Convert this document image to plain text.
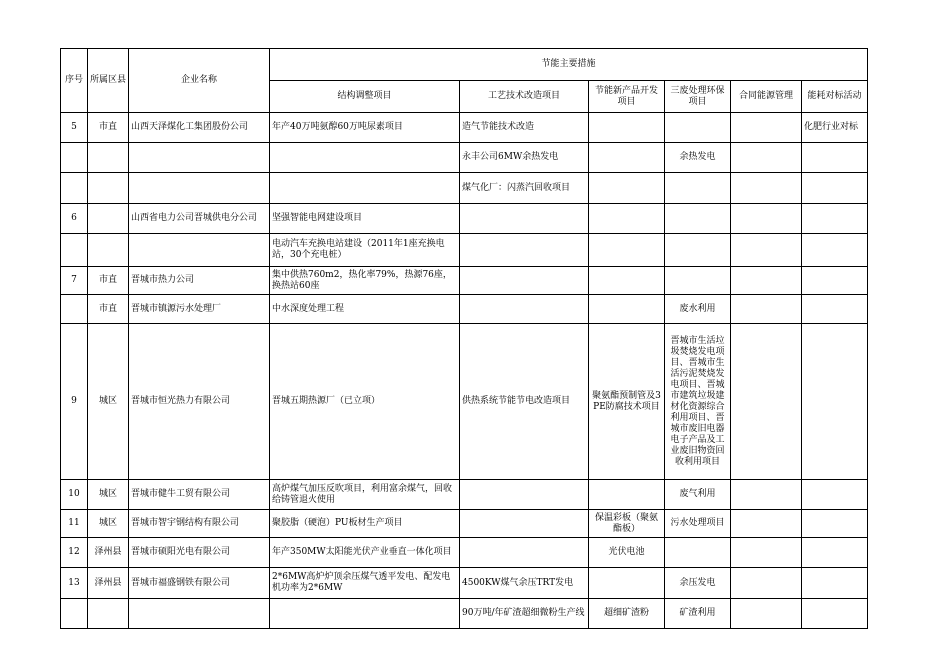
序号	所属区县	企业名称	节能主要措施					
			结构调整项目	工艺技术改造项目	节能新产品开发项目	三废处理环保项目	合同能源管理	能耗对标活动
5	市直	山西天泽煤化工集团股份公司	年产40万吨氨醇60万吨尿素项目	造气节能技术改造				化肥行业对标
				永丰公司6MW余热发电		余热发电		
				煤气化厂：闪蒸汽回收项目				
6		山西省电力公司晋城供电分公司	坚强智能电网建设项目					
			电动汽车充换电站建设（2011年1座充换电站，30个充电桩）					
7	市直	晋城市热力公司	集中供热760m2，热化率79%，热源76座，换热站60座					
	市直	晋城市镇源污水处理厂	中水深度处理工程			废水利用		
9	城区	晋城市恒光热力有限公司	晋城五期热源厂（已立项）	供热系统节能节电改造项目	聚氨酯预制管及3PE防腐技术项目	晋城市生活垃圾焚烧发电项目、晋城市生活污泥焚烧发电项目、晋城市建筑垃圾建材化资源综合利用项目、晋城市废旧电器电子产品及工业废旧物资回收利用项目		
10	城区	晋城市健牛工贸有限公司	高炉煤气加压反吹项目，利用富余煤气，回收给铸管退火使用			废气利用		
11	城区	晋城市智宇钢结构有限公司	聚胶脂（硬泡）PU板材生产项目		保温彩板（聚氨酯板）	污水处理项目		
12	泽州县	晋城市硕阳光电有限公司	年产350MW太阳能光伏产业垂直一体化项目		光伏电池			
13	泽州县	晋城市福盛钢铁有限公司	2*6MW高炉炉顶余压煤气透平发电、配发电机功率为2*6MW	4500KW煤气余压TRT发电		余压发电		
				90万吨/年矿渣超细微粉生产线	超细矿渣粉	矿渣利用		
